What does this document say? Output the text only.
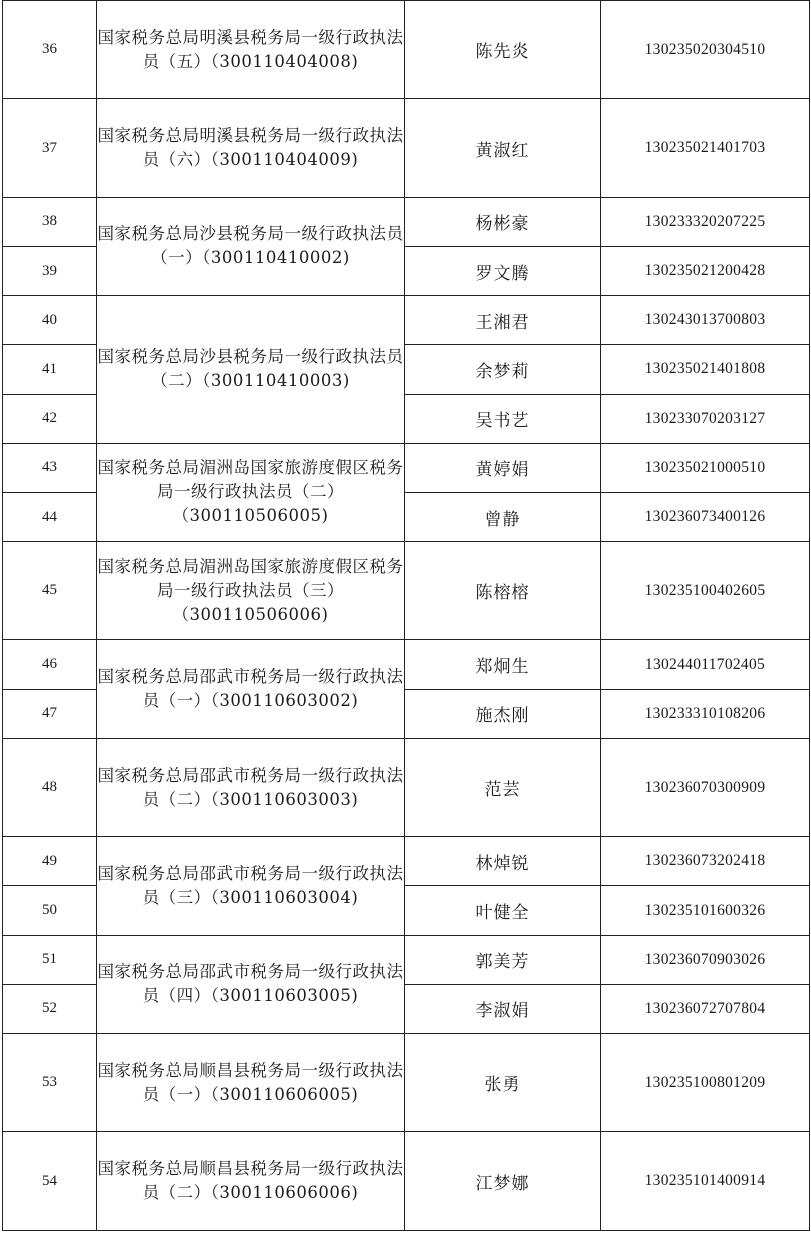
36	国家税务总局明溪县税务局一级行政执法员（五）（300110404008)	陈先炎	130235020304510
37	国家税务总局明溪县税务局一级行政执法员（六）（300110404009)	黄淑红	130235021401703
38	国家税务总局沙县税务局一级行政执法员（一）（300110410002)	杨彬豪	130233320207225
39		罗文腾	130235021200428
40	国家税务总局沙县税务局一级行政执法员（二）（300110410003)	王湘君	130243013700803
41		余梦莉	130235021401808
42		吴书艺	130233070203127
43	国家税务总局湄洲岛国家旅游度假区税务局一级行政执法员（二）（300110506005)	黄婷娟	130235021000510
44		曾静	130236073400126
45	国家税务总局湄洲岛国家旅游度假区税务局一级行政执法员（三）（300110506006)	陈榕榕	130235100402605
46	国家税务总局邵武市税务局一级行政执法员（一）（300110603002)	郑炯生	130244011702405
47		施杰刚	130233310108206
48	国家税务总局邵武市税务局一级行政执法员（二）（300110603003)	范芸	130236070300909
49	国家税务总局邵武市税务局一级行政执法员（三）（300110603004)	林焯锐	130236073202418
50		叶健全	130235101600326
51	国家税务总局邵武市税务局一级行政执法员（四）（300110603005)	郭美芳	130236070903026
52		李淑娟	130236072707804
53	国家税务总局顺昌县税务局一级行政执法员（一）（300110606005)	张勇	130235100801209
54	国家税务总局顺昌县税务局一级行政执法员（二）（300110606006)	江梦娜	130235101400914
